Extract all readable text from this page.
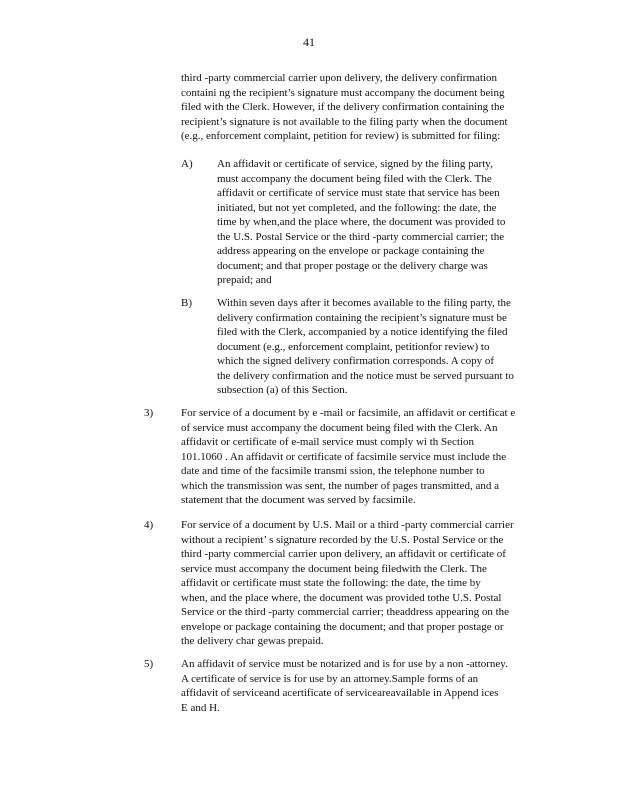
41
third -party commercial carrier upon delivery, the delivery confirmation
containi ng the recipient’s signature must accompany the document being
filed with the Clerk. However, if the delivery confirmation containing the
recipient’s signature is not available to the filing party when the document
(e.g., enforcement complaint, petition for review) is submitted for filing:
A) An affidavit or certificate of service, signed by the filing party,
must accompany the document being filed with the Clerk. The
affidavit or certificate of service must state that service has been
initiated, but not yet completed, and the following: the date, the
time by when,and the place where, the document was provided to
the U.S. Postal Service or the third -party commercial carrier; the
address appearing on the envelope or package containing the
document; and that proper postage or the delivery charge was
prepaid; and
B) Within seven days after it becomes available to the filing party, the
delivery confirmation containing the recipient’s signature must be
filed with the Clerk, accompanied by a notice identifying the filed
document (e.g., enforcement complaint, petitionfor review) to
which the signed delivery confirmation corresponds. A copy of
the delivery confirmation and the notice must be served pursuant to
subsection (a) of this Section.
3)	For service of a document by e -mail or facsimile, an affidavit or certificat e
of service must accompany the document being filed with the Clerk. An
affidavit or certificate of e-mail service must comply wi th Section
101.1060 . An affidavit or certificate of facsimile service must include the
date and time of the facsimile transmi ssion, the telephone number to
which the transmission was sent, the number of pages transmitted, and a
statement that the document was served by facsimile.
4)	For service of a document by U.S. Mail or a third -party commercial carrier
without a recipient’ s signature recorded by the U.S. Postal Service or the
third -party commercial carrier upon delivery, an affidavit or certificate of
service must accompany the document being filedwith the Clerk. The
affidavit or certificate must state the following: the date, the time by
when, and the place where, the document was provided tothe U.S. Postal
Service or the third -party commercial carrier; theaddress appearing on the
envelope or package containing the document; and that proper postage or
the delivery char gewas prepaid.
5)	An affidavit of service must be notarized and is for use by a non -attorney.
A certificate of service is for use by an attorney.Sample forms of an
affidavit of serviceand acertificate of serviceareavailable in Append ices
E and H.
